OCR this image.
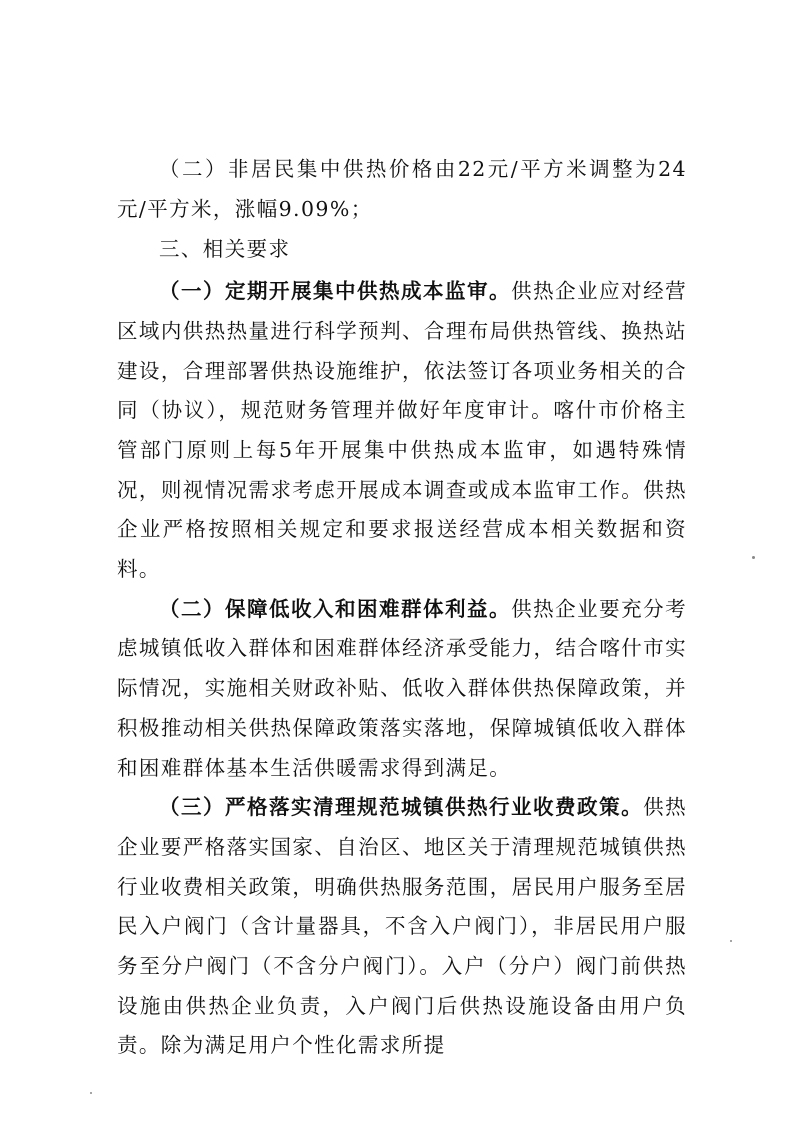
（二）非居民集中供热价格由22元/平方米调整为24元/平方米，涨幅9.09%；

三、相关要求

（一）定期开展集中供热成本监审。供热企业应对经营区域内供热热量进行科学预判、合理布局供热管线、换热站建设，合理部署供热设施维护，依法签订各项业务相关的合同（协议），规范财务管理并做好年度审计。喀什市价格主管部门原则上每5年开展集中供热成本监审，如遇特殊情况，则视情况需求考虑开展成本调查或成本监审工作。供热企业严格按照相关规定和要求报送经营成本相关数据和资料。

（二）保障低收入和困难群体利益。供热企业要充分考虑城镇低收入群体和困难群体经济承受能力，结合喀什市实际情况，实施相关财政补贴、低收入群体供热保障政策，并积极推动相关供热保障政策落实落地，保障城镇低收入群体和困难群体基本生活供暖需求得到满足。

（三）严格落实清理规范城镇供热行业收费政策。供热企业要严格落实国家、自治区、地区关于清理规范城镇供热行业收费相关政策，明确供热服务范围，居民用户服务至居民入户阀门（含计量器具，不含入户阀门），非居民用户服务至分户阀门（不含分户阀门）。入户（分户）阀门前供热设施由供热企业负责，入户阀门后供热设施设备由用户负责。除为满足用户个性化需求所提
